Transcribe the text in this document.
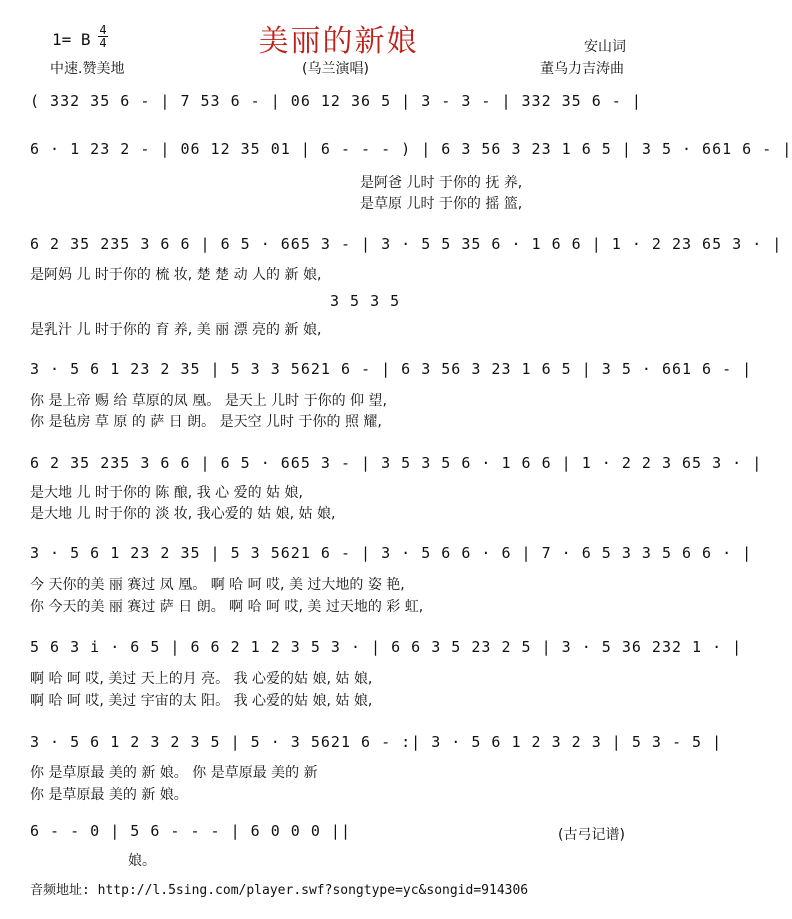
美丽的新娘
1= B 4
4
中速.赞美地	(乌兰演唱)
安山词
董乌力吉涛曲
( 332 35 6 - | 7 53 6 - | 06 12 36 5 | 3 - 3 - | 332 35 6 - |
6 · 1 23 2 - | 06 12 35 01 | 6 - - - ) | 6 3 56 3 23 1 6 5 | 3 5 · 661 6 - |
是阿爸 儿时 于你的 抚 养,
是草原 儿时 于你的 摇 篮,
6 2 35 235 3 6 6 | 6 5 · 665 3 - | 3 · 5 5 35 6 · 1 6 6 | 1 · 2 23 65 3 · |
是阿妈 儿 时于你的 梳 妆, 楚 楚 动 人的 新 娘,
3 5 3 5
是乳汁 儿 时于你的 育 养, 美 丽 漂 亮的 新 娘,
3 · 5 6 1 23 2 35 | 5 3 3 5621 6 - | 6 3 56 3 23 1 6 5 | 3 5 · 661 6 - |
你 是上帝 赐 给 草原的凤 凰。 是天上 儿时 于你的 仰 望,
你 是毡房 草 原 的 萨 日 朗。 是天空 儿时 于你的 照 耀,
6 2 35 235 3 6 6 | 6 5 · 665 3 - | 3 5 3 5 6 · 1 6 6 | 1 · 2 2 3 65 3 · |
是大地 儿 时于你的 陈 酿, 我 心 爱的 姑 娘,
是大地 儿 时于你的 淡 妆, 我心爱的 姑 娘, 姑 娘,
3 · 5 6 1 23 2 35 | 5 3 5621 6 - | 3 · 5 6 6 · 6 | 7 · 6 5 3 3 5 6 6 · |
今 天你的美 丽 赛过 凤 凰。 啊 哈 呵 哎, 美 过大地的 姿 艳,
你 今天的美 丽 赛过 萨 日 朗。 啊 哈 呵 哎, 美 过天地的 彩 虹,
5 6 3 i · 6 5 | 6 6 2 1 2 3 5 3 · | 6 6 3 5 23 2 5 | 3 · 5 36 232 1 · |
啊 哈 呵 哎, 美过 天上的月 亮。 我 心爱的姑 娘, 姑 娘,
啊 哈 呵 哎, 美过 宇宙的太 阳。 我 心爱的姑 娘, 姑 娘,
3 · 5 6 1 2 3 2 3 5 | 5 · 3 5621 6 - :| 3 · 5 6 1 2 3 2 3 | 5 3 - 5 |
你 是草原最 美的 新 娘。 你 是草原最 美的 新
你 是草原最 美的 新 娘。
6 - - 0 | 5 6 - - - | 6 0 0 0 ||
娘。
(古弓记谱)
音频地址: http://l.5sing.com/player.swf?songtype=yc&songid=914306
